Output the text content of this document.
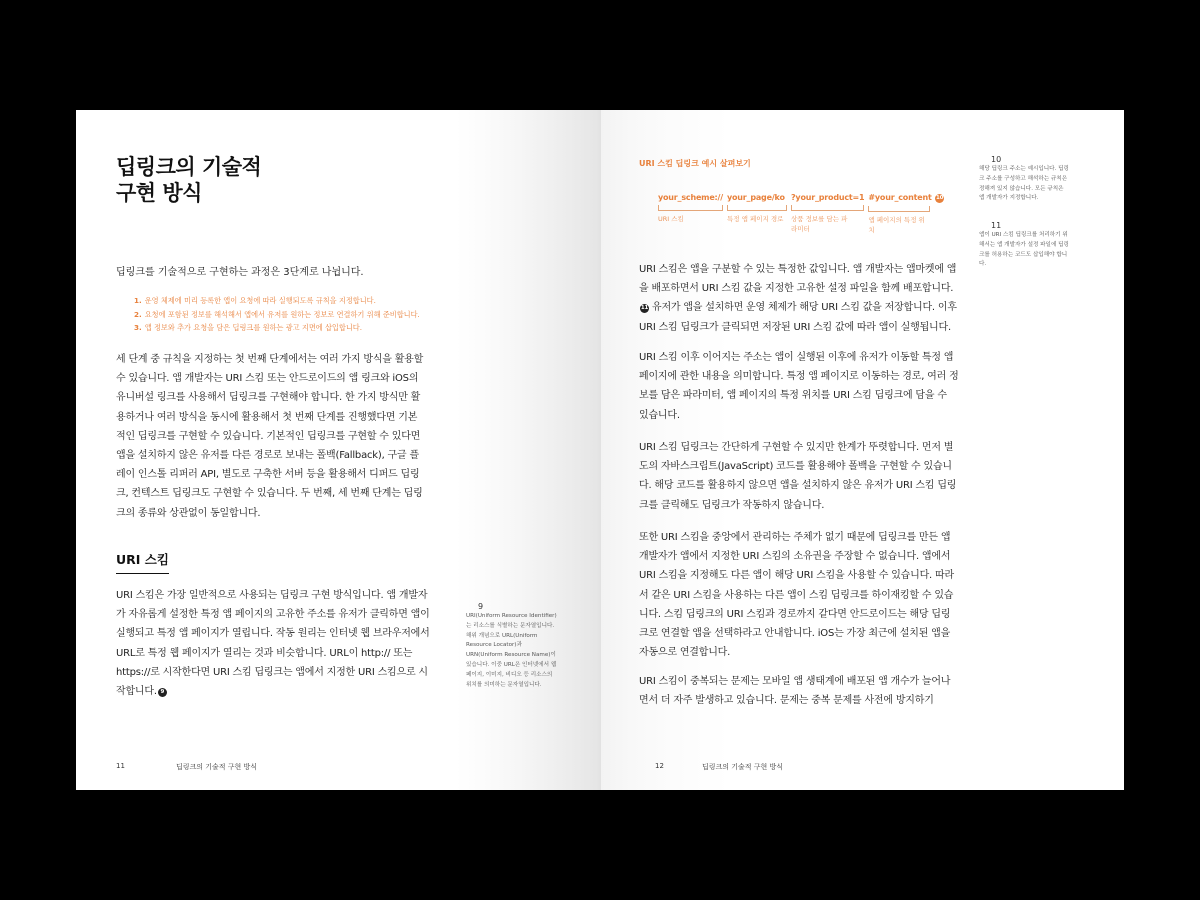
딥링크의 기술적
구현 방식

딥링크를 기술적으로 구현하는 과정은 3단계로 나뉩니다.

1. 운영 체제에 미리 등록한 앱이 요청에 따라 실행되도록 규칙을 지정합니다.
2. 요청에 포함된 정보를 해석해서 앱에서 유저를 원하는 정보로 연결하기 위해 준비합니다.
3. 앱 정보와 추가 요청을 담은 딥링크를 원하는 광고 지면에 삽입합니다.

세 단계 중 규칙을 지정하는 첫 번째 단계에서는 여러 가지 방식을 활용할 수 있습니다. 앱 개발자는 URI 스킴 또는 안드로이드의 앱 링크와 iOS의 유니버설 링크를 사용해서 딥링크를 구현해야 합니다. 한 가지 방식만 활용하거나 여러 방식을 동시에 활용해서 첫 번째 단계를 진행했다면 기본적인 딥링크를 구현할 수 있습니다. 기본적인 딥링크를 구현할 수 있다면 앱을 설치하지 않은 유저를 다른 경로로 보내는 폴백(Fallback), 구글 플레이 인스톨 리퍼러 API, 별도로 구축한 서버 등을 활용해서 디퍼드 딥링크, 컨텍스트 딥링크도 구현할 수 있습니다. 두 번째, 세 번째 단계는 딥링크의 종류와 상관없이 동일합니다.

URI 스킴

URI 스킴은 가장 일반적으로 사용되는 딥링크 구현 방식입니다. 앱 개발자가 자유롭게 설정한 특정 앱 페이지의 고유한 주소를 유저가 클릭하면 앱이 실행되고 특정 앱 페이지가 열립니다. 작동 원리는 인터넷 웹 브라우저에서 URL로 특정 웹 페이지가 열리는 것과 비슷합니다. URL이 http:// 또는 https://로 시작한다면 URI 스킴 딥링크는 앱에서 지정한 URI 스킴으로 시작합니다. 9

9
URI(Uniform Resource Identifier)는 리소스를 식별하는 문자열입니다. 해위 개념으로 URL(Uniform Resource Locator)과 URN(Uniform Resource Name)이 있습니다. 이중 URL은 인터넷에서 웹 페이지, 이미지, 비디오 등 리소스의 위치를 의미하는 문자열입니다.
11	딥링크의 기술적 구현 방식
URI 스킴 딥링크 예시 살펴보기
your_scheme://
URI 스킴
your_page/ko
특정 앱 페이지 경로
?your_product=1
상품 정보를 담는 파라미터
#your_content 10
앱 페이지의 특정 위치

URI 스킴은 앱을 구분할 수 있는 특정한 값입니다. 앱 개발자는 앱마켓에 앱을 배포하면서 URI 스킴 값을 지정한 고유한 설정 파일을 함께 배포합니다.11 유저가 앱을 설치하면 운영 체제가 해당 URI 스킴 값을 저장합니다. 이후 URI 스킴 딥링크가 클릭되면 저장된 URI 스킴 값에 따라 앱이 실행됩니다.

URI 스킴 이후 이어지는 주소는 앱이 실행된 이후에 유저가 이동할 특정 앱 페이지에 관한 내용을 의미합니다. 특정 앱 페이지로 이동하는 경로, 여러 정보를 담은 파라미터, 앱 페이지의 특정 위치를 URI 스킴 딥링크에 담을 수 있습니다.

URI 스킴 딥링크는 간단하게 구현할 수 있지만 한계가 뚜렷합니다. 먼저 별도의 자바스크립트(JavaScript) 코드를 활용해야 폴백을 구현할 수 있습니다. 해당 코드를 활용하지 않으면 앱을 설치하지 않은 유저가 URI 스킴 딥링크를 클릭해도 딥링크가 작동하지 않습니다.

또한 URI 스킴을 중앙에서 관리하는 주체가 없기 때문에 딥링크를 만든 앱 개발자가 앱에서 지정한 URI 스킴의 소유권을 주장할 수 없습니다. 앱에서 URI 스킴을 지정해도 다른 앱이 해당 URI 스킴을 사용할 수 있습니다. 따라서 같은 URI 스킴을 사용하는 다른 앱이 스킴 딥링크를 하이재킹할 수 있습니다. 스킴 딥링크의 URI 스킴과 경로까지 같다면 안드로이드는 해당 딥링크로 연결할 앱을 선택하라고 안내합니다. iOS는 가장 최근에 설치된 앱을 자동으로 연결합니다.

URI 스킴이 중복되는 문제는 모바일 앱 생태계에 배포된 앱 개수가 늘어나면서 더 자주 발생하고 있습니다. 문제는 중복 문제를 사전에 방지하기

10
해당 딥링크 주소는 예시입니다. 딥링크 주소를 구성하고 해석하는 규칙은 정해져 있지 않습니다. 모든 규칙은 앱 개발자가 지정합니다.
11
앱이 URI 스킴 딥링크를 처리하기 위해서는 앱 개발자가 설정 파일에 딥링크를 허용하는 코드도 삽입해야 합니다.
12	딥링크의 기술적 구현 방식
